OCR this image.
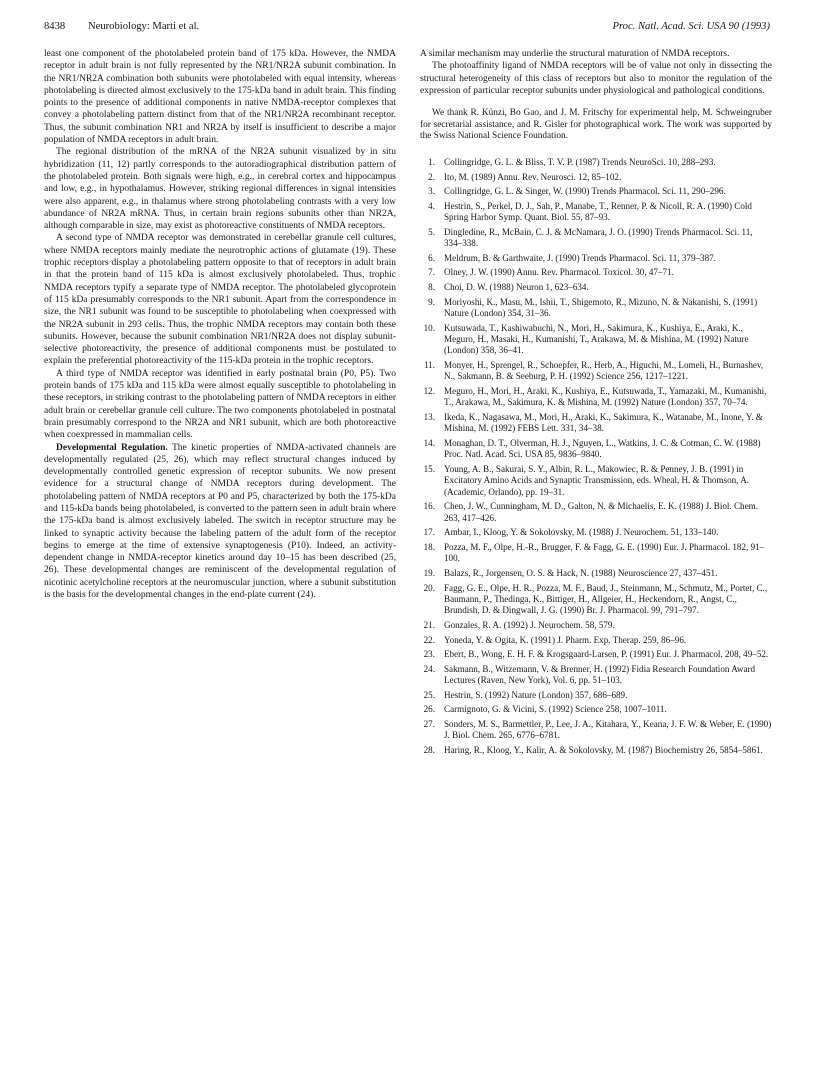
8438 Neurobiology: Marti et al.	Proc. Natl. Acad. Sci. USA 90 (1993)

least one component of the photolabeled protein band of 175 kDa. However, the NMDA receptor in adult brain is not fully represented by the NR1/NR2A subunit combination. In the NR1/NR2A combination both subunits were photolabeled with equal intensity, whereas photolabeling is directed almost exclusively to the 175-kDa band in adult brain. This finding points to the presence of additional components in native NMDA-receptor complexes that convey a photolabeling pattern distinct from that of the NR1/NR2A recombinant receptor. Thus, the subunit combination NR1 and NR2A by itself is insufficient to describe a major population of NMDA receptors in adult brain.

The regional distribution of the mRNA of the NR2A subunit visualized by in situ hybridization (11, 12) partly corresponds to the autoradiographical distribution pattern of the photolabeled protein. Both signals were high, e.g., in cerebral cortex and hippocampus and low, e.g., in hypothalamus. However, striking regional differences in signal intensities were also apparent, e.g., in thalamus where strong photolabeling contrasts with a very low abundance of NR2A mRNA. Thus, in certain brain regions subunits other than NR2A, although comparable in size, may exist as photoreactive constituents of NMDA receptors.

A second type of NMDA receptor was demonstrated in cerebellar granule cell cultures, where NMDA receptors mainly mediate the neurotrophic actions of glutamate (19). These trophic receptors display a photolabeling pattern opposite to that of receptors in adult brain in that the protein band of 115 kDa is almost exclusively photolabeled. Thus, trophic NMDA receptors typify a separate type of NMDA receptor. The photolabeled glycoprotein of 115 kDa presumably corresponds to the NR1 subunit. Apart from the correspondence in size, the NR1 subunit was found to be susceptible to photolabeling when coexpressed with the NR2A subunit in 293 cells. Thus, the trophic NMDA receptors may contain both these subunits. However, because the subunit combination NR1/NR2A does not display subunit-selective photoreactivity, the presence of additional components must be postulated to explain the preferential photoreactivity of the 115-kDa protein in the trophic receptors.

A third type of NMDA receptor was identified in early postnatal brain (P0, P5). Two protein bands of 175 kDa and 115 kDa were almost equally susceptible to photolabeling in these receptors, in striking contrast to the photolabeling pattern of NMDA receptors in either adult brain or cerebellar granule cell culture. The two components photolabeled in postnatal brain presumably correspond to the NR2A and NR1 subunit, which are both photoreactive when coexpressed in mammalian cells.

Developmental Regulation. The kinetic properties of NMDA-activated channels are developmentally regulated (25, 26), which may reflect structural changes induced by developmentally controlled genetic expression of receptor subunits. We now present evidence for a structural change of NMDA receptors during development. The photolabeling pattern of NMDA receptors at P0 and P5, characterized by both the 175-kDa and 115-kDa bands being photolabeled, is converted to the pattern seen in adult brain where the 175-kDa band is almost exclusively labeled. The switch in receptor structure may be linked to synaptic activity because the labeling pattern of the adult form of the receptor begins to emerge at the time of extensive synaptogenesis (P10). Indeed, an activity-dependent change in NMDA-receptor kinetics around day 10–15 has been described (25, 26). These developmental changes are reminiscent of the developmental regulation of nicotinic acetylcholine receptors at the neuromuscular junction, where a subunit substitution is the basis for the developmental changes in the end-plate current (24).

A similar mechanism may underlie the structural maturation of NMDA receptors.

The photoaffinity ligand of NMDA receptors will be of value not only in dissecting the structural heterogeneity of this class of receptors but also to monitor the regulation of the expression of particular receptor subunits under physiological and pathological conditions.

We thank R. Künzi, Bo Gao, and J. M. Fritschy for experimental help, M. Schweingruber for secretarial assistance, and R. Gisler for photographical work. The work was supported by the Swiss National Science Foundation.

1. Collingridge, G. L. & Bliss, T. V. P. (1987) Trends NeuroSci. 10, 288–293.
2. Ito, M. (1989) Annu. Rev. Neurosci. 12, 85–102.
3. Collingridge, G. L. & Singer, W. (1990) Trends Pharmacol. Sci. 11, 290–296.
4. Hestrin, S., Perkel, D. J., Sah, P., Manabe, T., Renner, P. & Nicoll, R. A. (1990) Cold Spring Harbor Symp. Quant. Biol. 55, 87–93.
5. Dingledine, R., McBain, C. J. & McNamara, J. O. (1990) Trends Pharmacol. Sci. 11, 334–338.
6. Meldrum, B. & Garthwaite, J. (1990) Trends Pharmacol. Sci. 11, 379–387.
7. Olney, J. W. (1990) Annu. Rev. Pharmacol. Toxicol. 30, 47–71.
8. Choi, D. W. (1988) Neuron 1, 623–634.
9. Moriyoshi, K., Masu, M., Ishii, T., Shigemoto, R., Mizuno, N. & Nakanishi, S. (1991) Nature (London) 354, 31–36.
10. Kutsuwada, T., Kashiwabuchi, N., Mori, H., Sakimura, K., Kushiya, E., Araki, K., Meguro, H., Masaki, H., Kumanishi, T., Arakawa, M. & Mishina, M. (1992) Nature (London) 358, 36–41.
11. Monyer, H., Sprengel, R., Schoepfer, R., Herb, A., Higuchi, M., Lomeli, H., Burnashev, N., Sakmann, B. & Seeburg, P. H. (1992) Science 256, 1217–1221.
12. Meguro, H., Mori, H., Araki, K., Kushiya, E., Kutsuwada, T., Yamazaki, M., Kumanishi, T., Arakawa, M., Sakimura, K. & Mishina, M. (1992) Nature (London) 357, 70–74.
13. Ikeda, K., Nagasawa, M., Mori, H., Araki, K., Sakimura, K., Watanabe, M., Inone, Y. & Mishina, M. (1992) FEBS Lett. 331, 34–38.
14. Monaghan, D. T., Olverman, H. J., Nguyen, L., Watkins, J. C. & Cotman, C. W. (1988) Proc. Natl. Acad. Sci. USA 85, 9836–9840.
15. Young, A. B., Sakurai, S. Y., Albin, R. L., Makowiec, R. & Penney, J. B. (1991) in Excitatory Amino Acids and Synaptic Transmission, eds. Wheal, H. & Thomson, A. (Academic, Orlando), pp. 19–31.
16. Chen, J. W., Cunningham, M. D., Galton, N. & Michaelis, E. K. (1988) J. Biol. Chem. 263, 417–426.
17. Ambar, I., Kloog, Y. & Sokolovsky, M. (1988) J. Neurochem. 51, 133–140.
18. Pozza, M. F., Olpe, H.-R., Brugger, F. & Fagg, G. E. (1990) Eur. J. Pharmacol. 182, 91–100.
19. Balazs, R., Jorgensen, O. S. & Hack, N. (1988) Neuroscience 27, 437–451.
20. Fagg, G. E., Olpe, H. R., Pozza, M. F., Baud, J., Steinmann, M., Schmutz, M., Portet, C., Baumann, P., Thedinga, K., Bittiger, H., Allgeier, H., Heckendorn, R., Angst, C., Brundish, D. & Dingwall, J. G. (1990) Br. J. Pharmacol. 99, 791–797.
21. Gonzales, R. A. (1992) J. Neurochem. 58, 579.
22. Yoneda, Y. & Ogita, K. (1991) J. Pharm. Exp. Therap. 259, 86–96.
23. Ebert, B., Wong, E. H. F. & Krogsgaard-Larsen, P. (1991) Eur. J. Pharmacol. 208, 49–52.
24. Sakmann, B., Witzemann, V. & Brenner, H. (1992) Fidia Research Foundation Award Lectures (Raven, New York), Vol. 6, pp. 51–103.
25. Hestrin, S. (1992) Nature (London) 357, 686–689.
26. Carmignoto, G. & Vicini, S. (1992) Science 258, 1007–1011.
27. Sonders, M. S., Barmettler, P., Lee, J. A., Kitahara, Y., Keana, J. F. W. & Weber, E. (1990) J. Biol. Chem. 265, 6776–6781.
28. Haring, R., Kloog, Y., Kalir, A. & Sokolovsky, M. (1987) Biochemistry 26, 5854–5861.
